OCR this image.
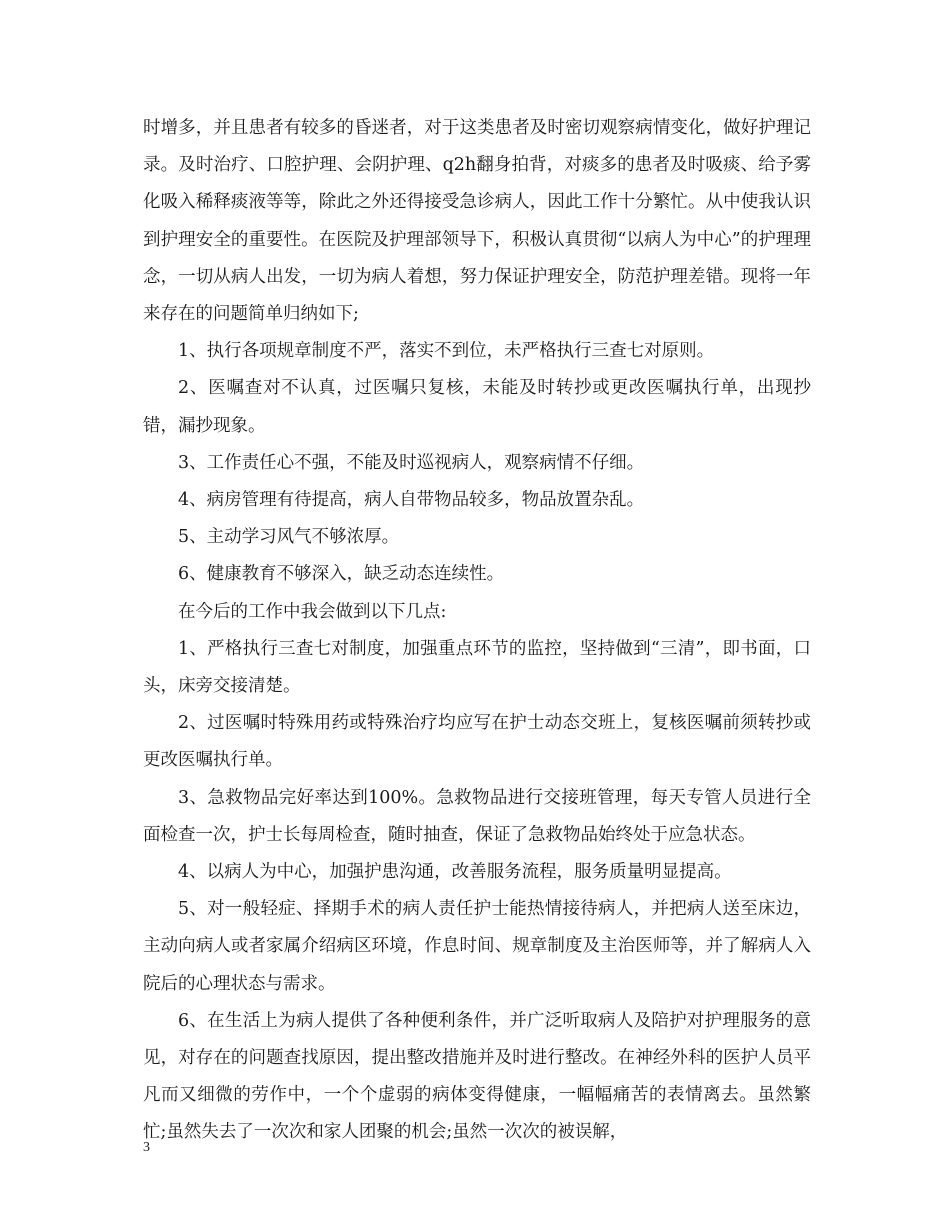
时增多，并且患者有较多的昏迷者，对于这类患者及时密切观察病情变化，做好护理记录。及时治疗、口腔护理、会阴护理、q2h翻身拍背，对痰多的患者及时吸痰、给予雾化吸入稀释痰液等等，除此之外还得接受急诊病人，因此工作十分繁忙。从中使我认识到护理安全的重要性。在医院及护理部领导下，积极认真贯彻“以病人为中心”的护理理念，一切从病人出发，一切为病人着想，努力保证护理安全，防范护理差错。现将一年来存在的问题简单归纳如下;

1、执行各项规章制度不严，落实不到位，未严格执行三查七对原则。

2、医嘱查对不认真，过医嘱只复核，未能及时转抄或更改医嘱执行单，出现抄错，漏抄现象。

3、工作责任心不强，不能及时巡视病人，观察病情不仔细。

4、病房管理有待提高，病人自带物品较多，物品放置杂乱。

5、主动学习风气不够浓厚。

6、健康教育不够深入，缺乏动态连续性。

在今后的工作中我会做到以下几点:

1、严格执行三查七对制度，加强重点环节的监控，坚持做到“三清”，即书面，口头，床旁交接清楚。

2、过医嘱时特殊用药或特殊治疗均应写在护士动态交班上，复核医嘱前须转抄或更改医嘱执行单。

3、急救物品完好率达到100%。急救物品进行交接班管理，每天专管人员进行全面检查一次，护士长每周检查，随时抽查，保证了急救物品始终处于应急状态。

4、以病人为中心，加强护患沟通，改善服务流程，服务质量明显提高。

5、对一般轻症、择期手术的病人责任护士能热情接待病人，并把病人送至床边，主动向病人或者家属介绍病区环境，作息时间、规章制度及主治医师等，并了解病人入院后的心理状态与需求。

6、在生活上为病人提供了各种便利条件，并广泛听取病人及陪护对护理服务的意见，对存在的问题查找原因，提出整改措施并及时进行整改。在神经外科的医护人员平凡而又细微的劳作中，一个个虚弱的病体变得健康，一幅幅痛苦的表情离去。虽然繁忙;虽然失去了一次次和家人团聚的机会;虽然一次次的被误解，

3
